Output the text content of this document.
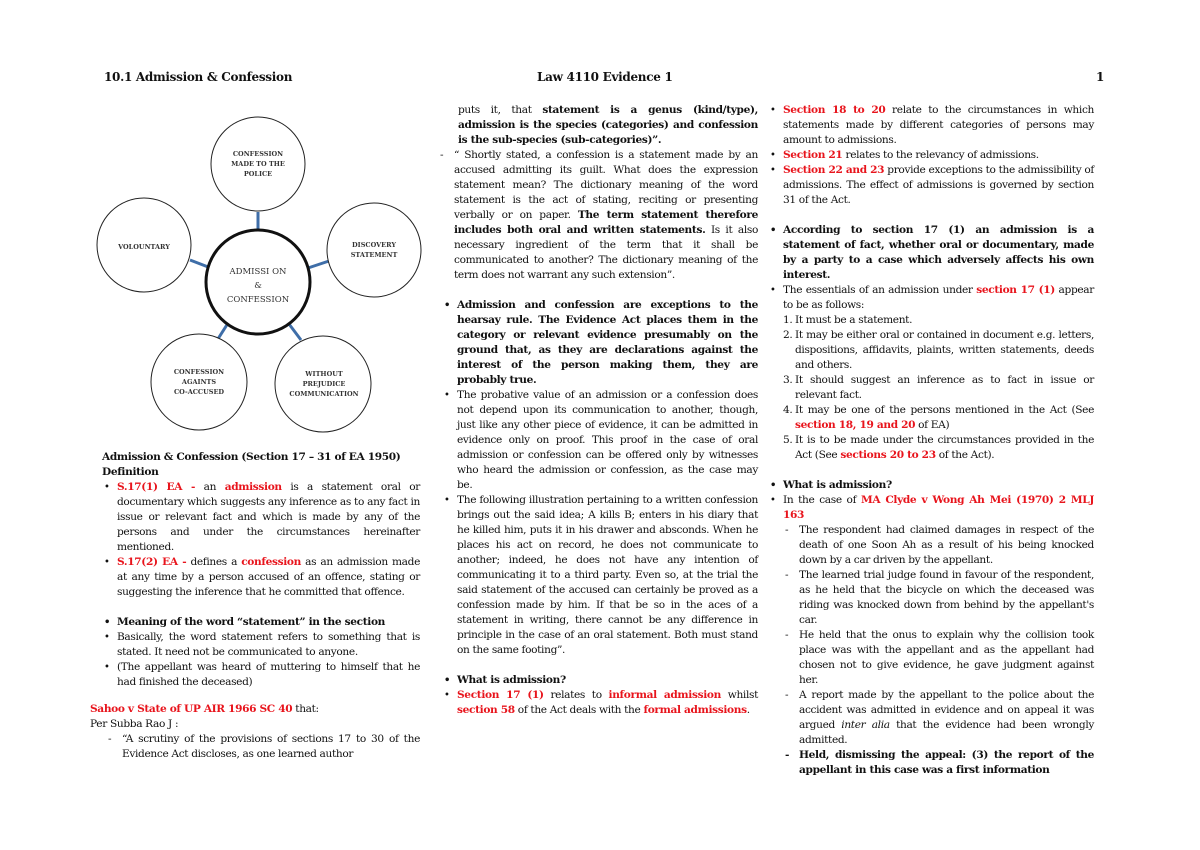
10.1 Admission & Confession	Law 4110 Evidence 1	1
ADMISSI ON
&
CONFESSION
CONFESSION
MADE TO THE
POLICE
DISCOVERY
STATEMENT
WITHOUT
PREJUDICE
COMMUNICATION
CONFESSION
AGAINTS
CO-ACCUSED
VOLOUNTARY
Admission & Confession (Section 17 – 31 of EA 1950)
Definition
• S.17(1) EA - an admission is a statement oral or documentary which suggests any inference as to any fact in issue or relevant fact and which is made by any of the persons and under the circumstances hereinafter mentioned.
• S.17(2) EA - defines a confession as an admission made at any time by a person accused of an offence, stating or suggesting the inference that he committed that offence.
• Meaning of the word “statement” in the section
• Basically, the word statement refers to something that is stated. It need not be communicated to anyone.
• (The appellant was heard of muttering to himself that he had finished the deceased)
Sahoo v State of UP AIR 1966 SC 40 that:
Per Subba Rao J :
- “A scrutiny of the provisions of sections 17 to 30 of the Evidence Act discloses, as one learned author
puts it, that statement is a genus (kind/type), admission is the species (categories) and confession is the sub-species (sub-categories)”.
- “ Shortly stated, a confession is a statement made by an accused admitting its guilt. What does the expression statement mean? The dictionary meaning of the word statement is the act of stating, reciting or presenting verbally or on paper. The term statement therefore includes both oral and written statements. Is it also necessary ingredient of the term that it shall be communicated to another? The dictionary meaning of the term does not warrant any such extension”.
• Admission and confession are exceptions to the hearsay rule. The Evidence Act places them in the category or relevant evidence presumably on the ground that, as they are declarations against the interest of the person making them, they are probably true.
• The probative value of an admission or a confession does not depend upon its communication to another, though, just like any other piece of evidence, it can be admitted in evidence only on proof. This proof in the case of oral admission or confession can be offered only by witnesses who heard the admission or confession, as the case may be.
• The following illustration pertaining to a written confession brings out the said idea; A kills B; enters in his diary that he killed him, puts it in his drawer and absconds. When he places his act on record, he does not communicate to another; indeed, he does not have any intention of communicating it to a third party. Even so, at the trial the said statement of the accused can certainly be proved as a confession made by him. If that be so in the aces of a statement in writing, there cannot be any difference in principle in the case of an oral statement. Both must stand on the same footing”.
• What is admission?
• Section 17 (1) relates to informal admission whilst section 58 of the Act deals with the formal admissions.
• Section 18 to 20 relate to the circumstances in which statements made by different categories of persons may amount to admissions.
• Section 21 relates to the relevancy of admissions.
• Section 22 and 23 provide exceptions to the admissibility of admissions. The effect of admissions is governed by section 31 of the Act.
• According to section 17 (1) an admission is a statement of fact, whether oral or documentary, made by a party to a case which adversely affects his own interest.
• The essentials of an admission under section 17 (1) appear to be as follows:
1. It must be a statement.
2. It may be either oral or contained in document e.g. letters, dispositions, affidavits, plaints, written statements, deeds and others.
3. It should suggest an inference as to fact in issue or relevant fact.
4. It may be one of the persons mentioned in the Act (See section 18, 19 and 20 of EA)
5. It is to be made under the circumstances provided in the Act (See sections 20 to 23 of the Act).
• What is admission?
• In the case of MA Clyde v Wong Ah Mei (1970) 2 MLJ 163
- The respondent had claimed damages in respect of the death of one Soon Ah as a result of his being knocked down by a car driven by the appellant.
- The learned trial judge found in favour of the respondent, as he held that the bicycle on which the deceased was riding was knocked down from behind by the appellant's car.
- He held that the onus to explain why the collision took place was with the appellant and as the appellant had chosen not to give evidence, he gave judgment against her.
- A report made by the appellant to the police about the accident was admitted in evidence and on appeal it was argued inter alia that the evidence had been wrongly admitted.
- Held, dismissing the appeal: (3) the report of the appellant in this case was a first information
